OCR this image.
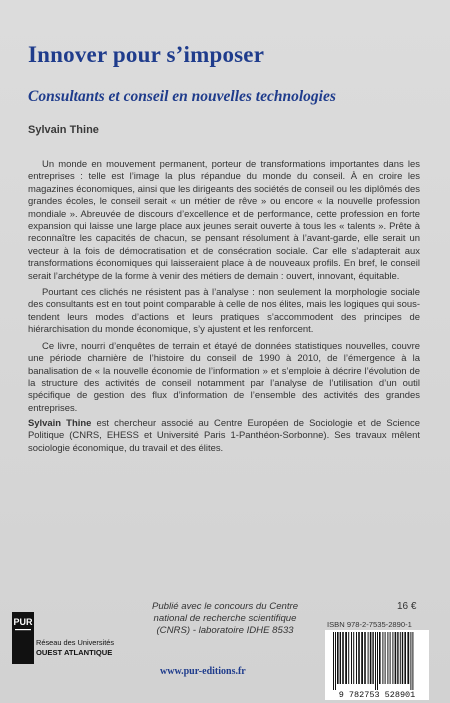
Innover pour s’imposer
Consultants et conseil en nouvelles technologies
Sylvain Thine

Un monde en mouvement permanent, porteur de transformations importantes dans les entreprises : telle est l’image la plus répandue du monde du conseil. À en croire les magazines économiques, ainsi que les dirigeants des sociétés de conseil ou les diplômés des grandes écoles, le conseil serait « un métier de rêve » ou encore « la nouvelle profession mondiale ». Abreuvée de discours d’excellence et de performance, cette profession en forte expansion qui laisse une large place aux jeunes serait ouverte à tous les « talents ». Prête à reconnaître les capacités de chacun, se pensant résolument à l’avant-garde, elle serait un vecteur à la fois de démocratisation et de consécration sociale. Car elle s’adapterait aux transformations économiques qui laisseraient place à de nouveaux profils. En bref, le conseil serait l’archétype de la forme à venir des métiers de demain : ouvert, innovant, équitable.

Pourtant ces clichés ne résistent pas à l’analyse : non seulement la morphologie sociale des consultants est en tout point comparable à celle de nos élites, mais les logiques qui sous-tendent leurs modes d’actions et leurs pratiques s’accommodent des principes de hiérarchisation du monde économique, s’y ajustent et les renforcent.

Ce livre, nourri d’enquêtes de terrain et étayé de données statistiques nouvelles, couvre une période charnière de l’histoire du conseil de 1990 à 2010, de l’émergence à la banalisation de « la nouvelle économie de l’information » et s’emploie à décrire l’évolution de la structure des activités de conseil notamment par l’analyse de l’utilisation d’un outil spécifique de gestion des flux d’information de l’ensemble des activités des grandes entreprises.

Sylvain Thine est chercheur associé au Centre Européen de Sociologie et de Science Politique (CNRS, EHESS et Université Paris 1-Panthéon-Sorbonne). Ses travaux mêlent sociologie économique, du travail et des élites.
Publié avec le concours du Centre national de recherche scientifique (CNRS) - laboratoire IDHE 8533
16 €
ISBN 978-2-7535-2890-1
9 782753 528901
www.pur-editions.fr
PUR
Réseau des Universités
OUEST ATLANTIQUE
